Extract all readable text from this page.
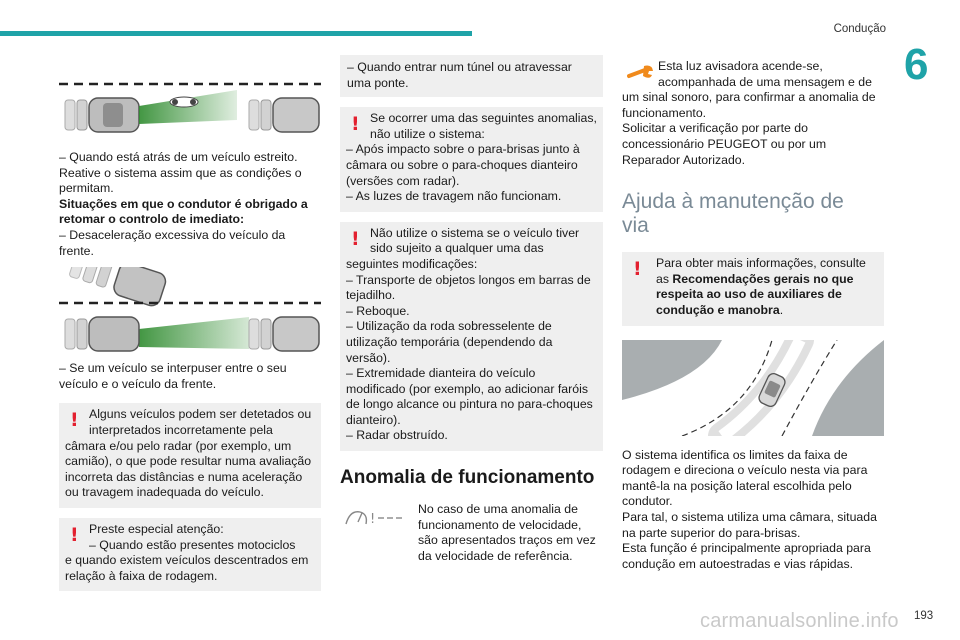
Condução
6
193
carmanualsonline.info

– Quando está atrás de um veículo estreito. Reative o sistema assim que as condições o permitam.

Situações em que o condutor é obrigado a retomar o controlo de imediato:

– Desaceleração excessiva do veículo da frente.

– Se um veículo se interpuser entre o seu veículo e o veículo da frente.

! Alguns veículos podem ser detetados ou interpretados incorretamente pela

câmara e/ou pelo radar (por exemplo, um camião), o que pode resultar numa avaliação incorreta das distâncias e numa aceleração ou travagem inadequada do veículo.

! Preste especial atenção:
– Quando estão presentes motociclos

e quando existem veículos descentrados em relação à faixa de rodagem.

– Quando entrar num túnel ou atravessar uma ponte.

! Se ocorrer uma das seguintes anomalias, não utilize o sistema:

– Após impacto sobre o para-brisas junto à câmara ou sobre o para-choques dianteiro (versões com radar).
– As luzes de travagem não funcionam.

! Não utilize o sistema se o veículo tiver sido sujeito a qualquer uma das

seguintes modificações:
– Transporte de objetos longos em barras de tejadilho.
– Reboque.
– Utilização da roda sobresselente de utilização temporária (dependendo da versão).
– Extremidade dianteira do veículo modificado (por exemplo, ao adicionar faróis de longo alcance ou pintura no para-choques dianteiro).
– Radar obstruído.

Anomalia de funcionamento

!

No caso de uma anomalia de funcionamento de velocidade, são apresentados traços em vez da velocidade de referência.

Esta luz avisadora acende-se, acompanhada de uma mensagem e de

um sinal sonoro, para confirmar a anomalia de funcionamento.
Solicitar a verificação por parte do concessionário PEUGEOT ou por um Reparador Autorizado.

Ajuda à manutenção de via

!	Para obter mais informações, consulte as Recomendações gerais no que respeita ao uso de auxiliares de condução e manobra.

O sistema identifica os limites da faixa de rodagem e direciona o veículo nesta via para mantê-la na posição lateral escolhida pelo condutor.
Para tal, o sistema utiliza uma câmara, situada na parte superior do para-brisas.
Esta função é principalmente apropriada para condução em autoestradas e vias rápidas.
